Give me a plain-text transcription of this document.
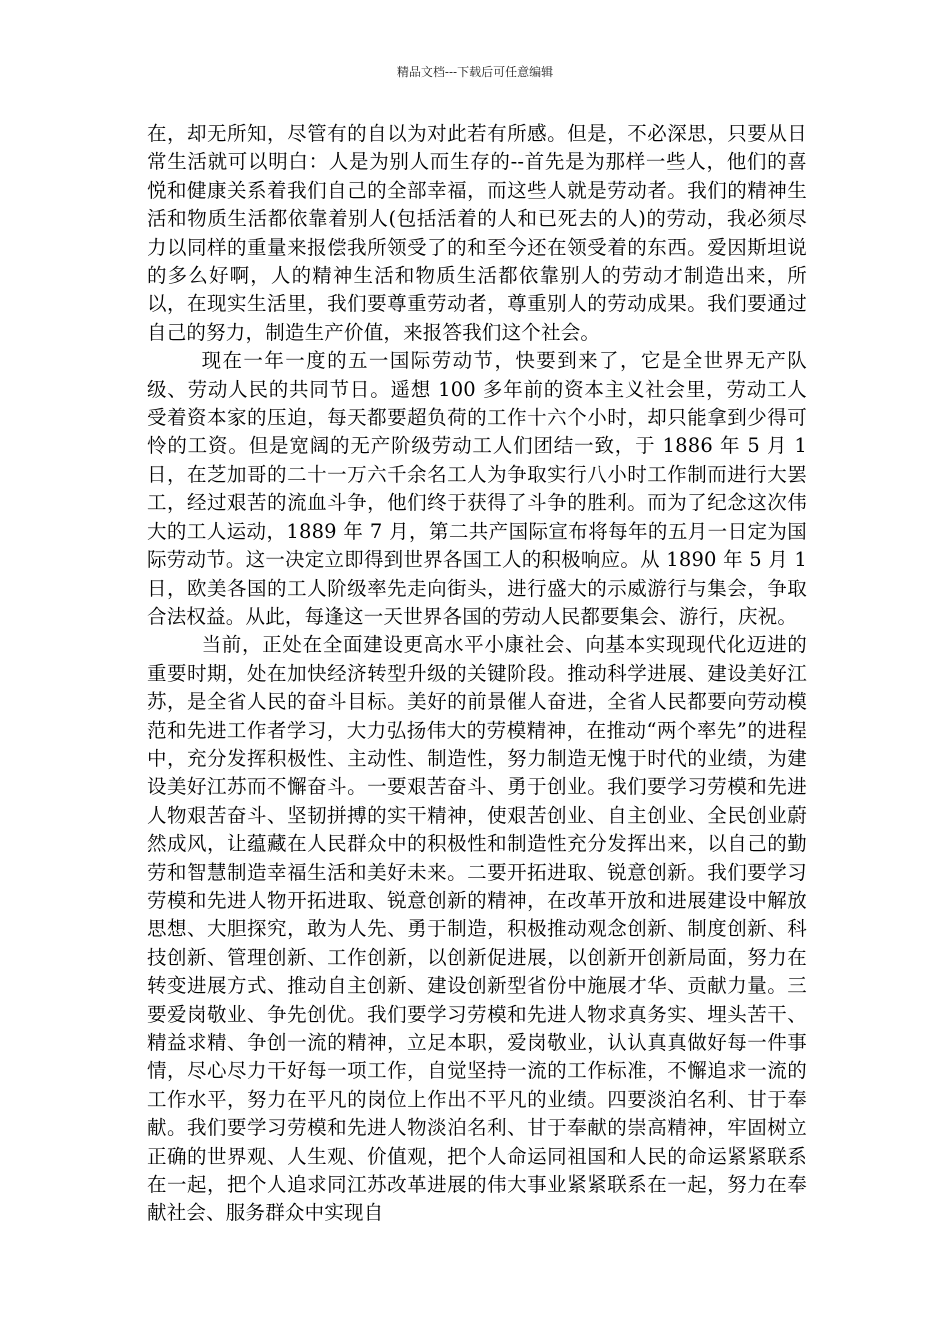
精品文档---下载后可任意编辑

在，却无所知，尽管有的自以为对此若有所感。但是，不必深思，只要从日常生活就可以明白：人是为别人而生存的--首先是为那样一些人，他们的喜悦和健康关系着我们自己的全部幸福，而这些人就是劳动者。我们的精神生活和物质生活都依靠着别人(包括活着的人和已死去的人)的劳动，我必须尽力以同样的重量来报偿我所领受了的和至今还在领受着的东西。爱因斯坦说的多么好啊，人的精神生活和物质生活都依靠别人的劳动才制造出来，所以，在现实生活里，我们要尊重劳动者，尊重别人的劳动成果。我们要通过自己的努力，制造生产价值，来报答我们这个社会。

现在一年一度的五一国际劳动节，快要到来了，它是全世界无产队级、劳动人民的共同节日。遥想 100 多年前的资本主义社会里，劳动工人受着资本家的压迫，每天都要超负荷的工作十六个小时，却只能拿到少得可怜的工资。但是宽阔的无产阶级劳动工人们团结一致，于 1886 年 5 月 1 日，在芝加哥的二十一万六千余名工人为争取实行八小时工作制而进行大罢工，经过艰苦的流血斗争，他们终于获得了斗争的胜利。而为了纪念这次伟大的工人运动，1889 年 7 月，第二共产国际宣布将每年的五月一日定为国际劳动节。这一决定立即得到世界各国工人的积极响应。从 1890 年 5 月 1 日，欧美各国的工人阶级率先走向街头，进行盛大的示威游行与集会，争取合法权益。从此，每逢这一天世界各国的劳动人民都要集会、游行，庆祝。

当前，正处在全面建设更高水平小康社会、向基本实现现代化迈进的重要时期，处在加快经济转型升级的关键阶段。推动科学进展、建设美好江苏，是全省人民的奋斗目标。美好的前景催人奋进，全省人民都要向劳动模范和先进工作者学习，大力弘扬伟大的劳模精神，在推动“两个率先”的进程中，充分发挥积极性、主动性、制造性，努力制造无愧于时代的业绩，为建设美好江苏而不懈奋斗。一要艰苦奋斗、勇于创业。我们要学习劳模和先进人物艰苦奋斗、坚韧拼搏的实干精神，使艰苦创业、自主创业、全民创业蔚然成风，让蕴藏在人民群众中的积极性和制造性充分发挥出来，以自己的勤劳和智慧制造幸福生活和美好未来。二要开拓进取、锐意创新。我们要学习劳模和先进人物开拓进取、锐意创新的精神，在改革开放和进展建设中解放思想、大胆探究，敢为人先、勇于制造，积极推动观念创新、制度创新、科技创新、管理创新、工作创新，以创新促进展，以创新开创新局面，努力在转变进展方式、推动自主创新、建设创新型省份中施展才华、贡献力量。三要爱岗敬业、争先创优。我们要学习劳模和先进人物求真务实、埋头苦干、精益求精、争创一流的精神，立足本职，爱岗敬业，认认真真做好每一件事情，尽心尽力干好每一项工作，自觉坚持一流的工作标准，不懈追求一流的工作水平，努力在平凡的岗位上作出不平凡的业绩。四要淡泊名利、甘于奉献。我们要学习劳模和先进人物淡泊名利、甘于奉献的崇高精神，牢固树立正确的世界观、人生观、价值观，把个人命运同祖国和人民的命运紧紧联系在一起，把个人追求同江苏改革进展的伟大事业紧紧联系在一起，努力在奉献社会、服务群众中实现自
